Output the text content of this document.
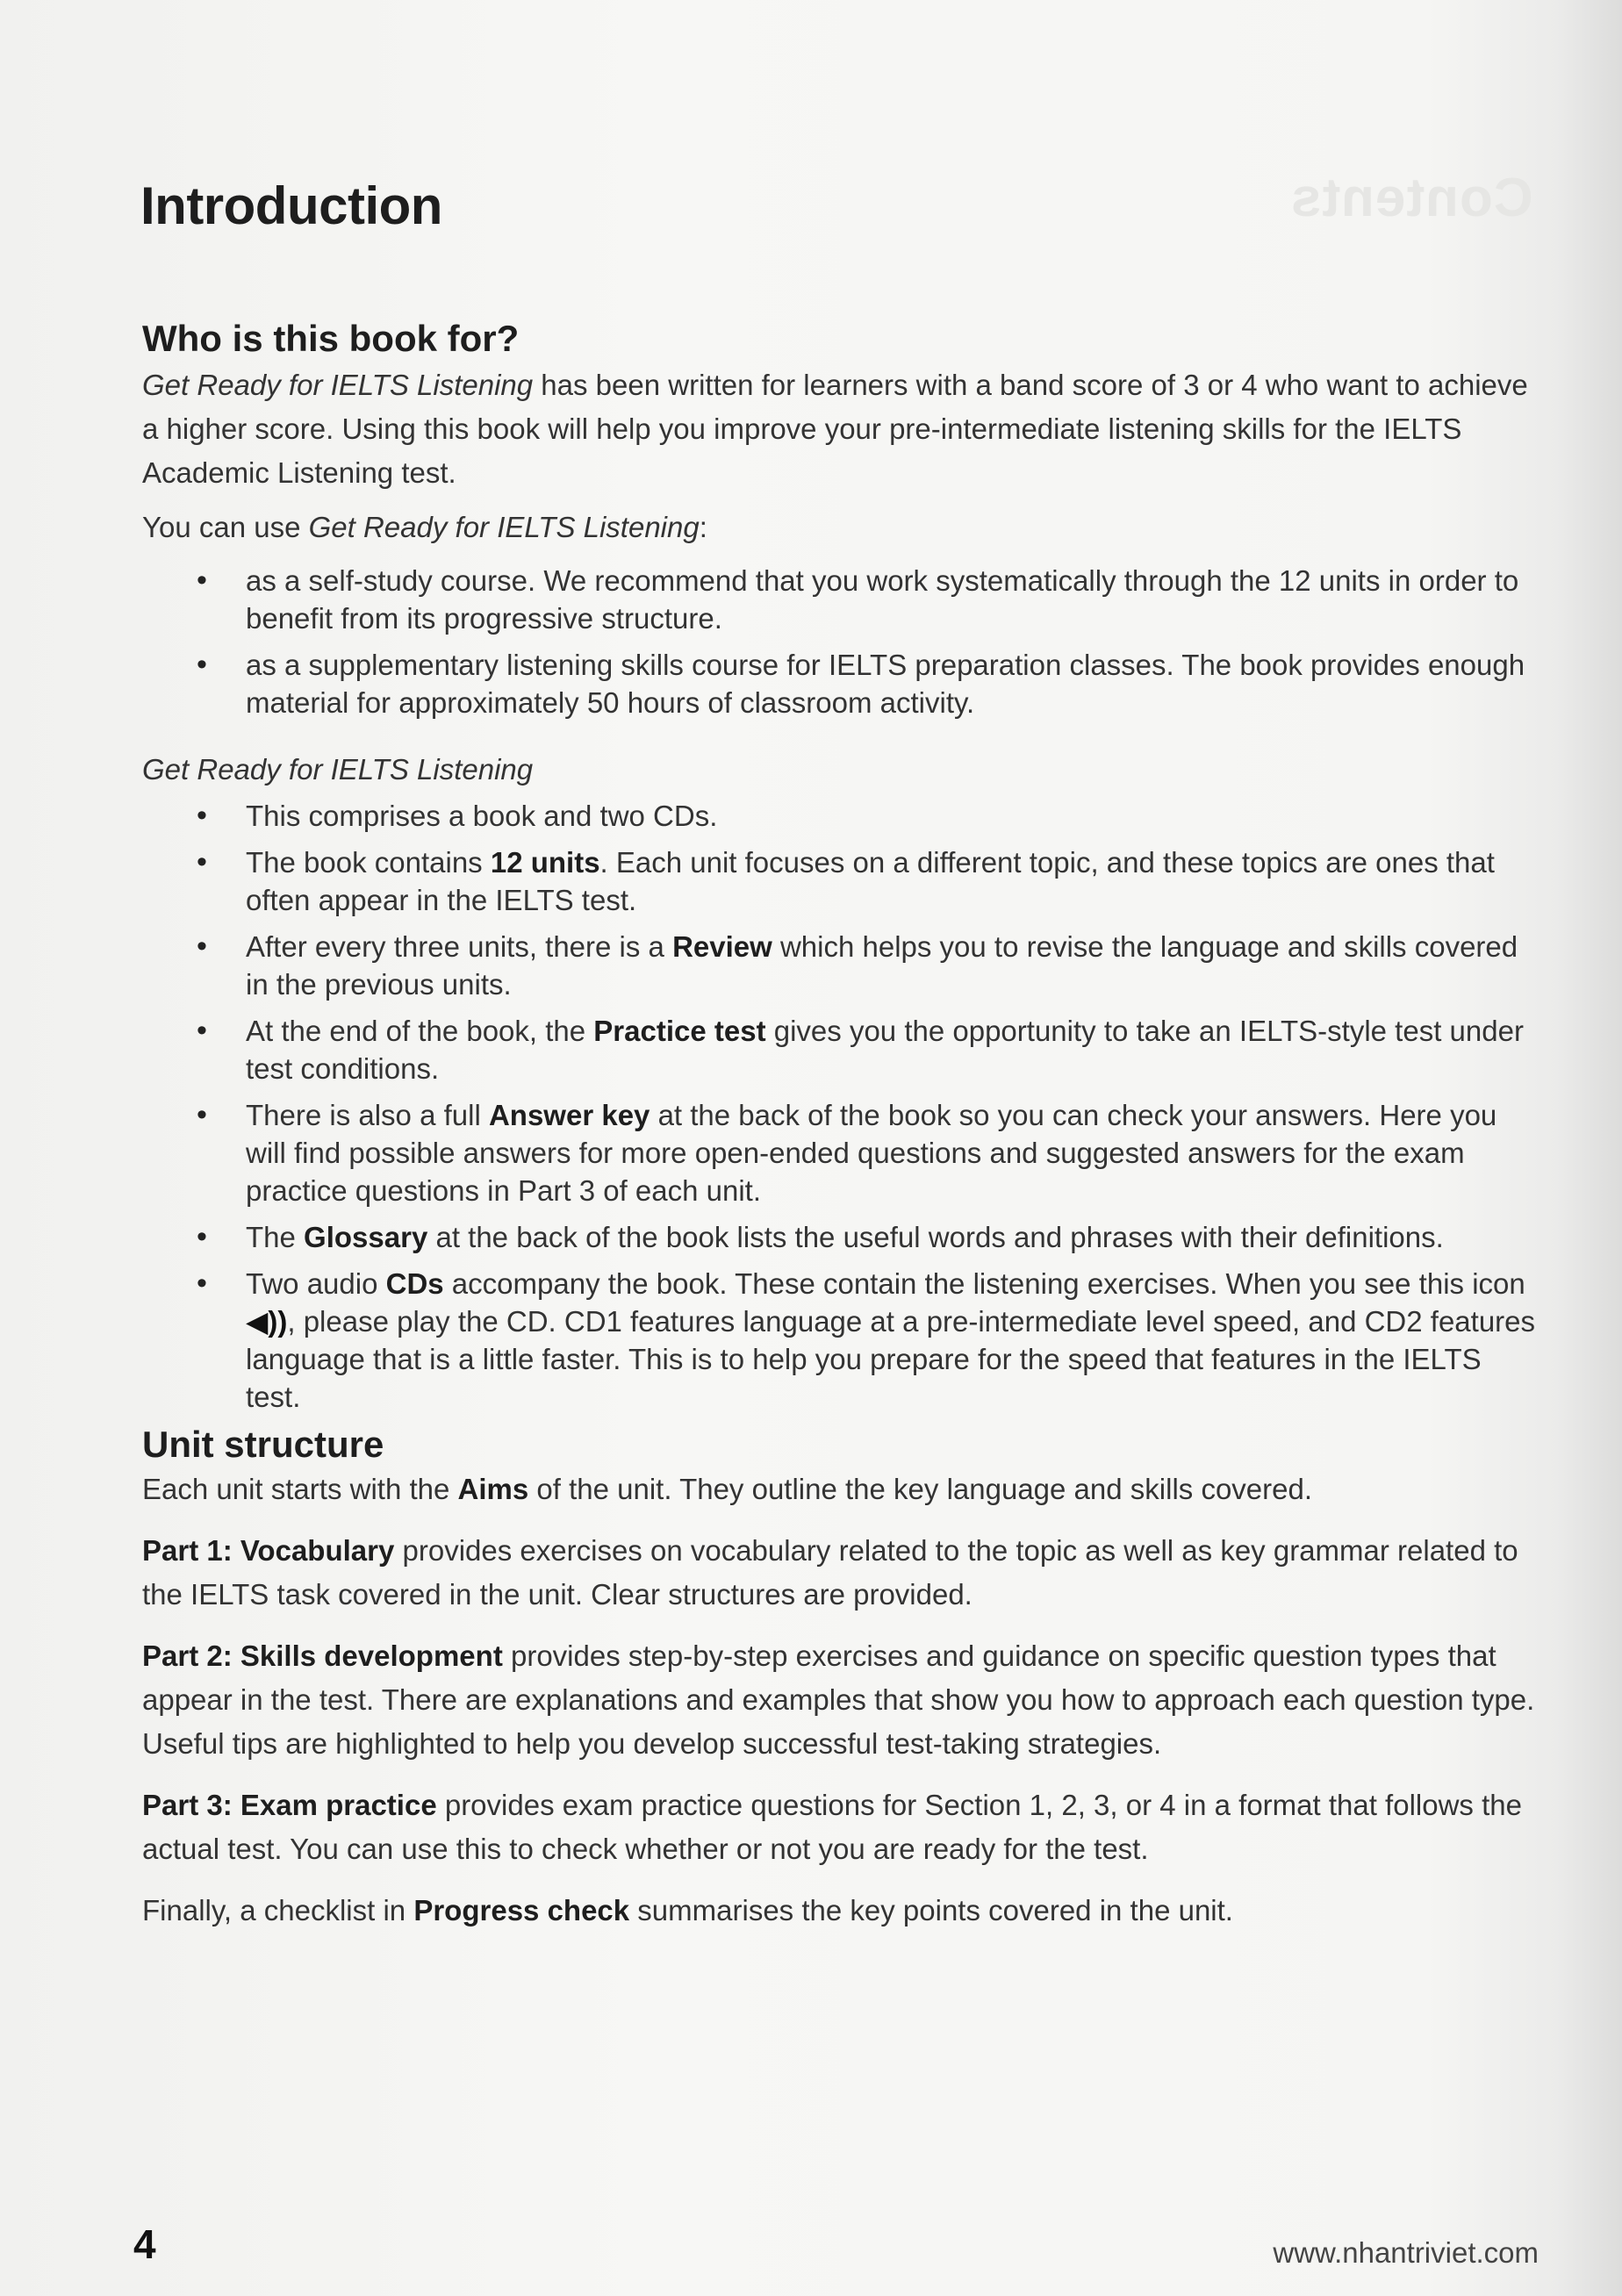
Contents
Introduction
Who is this book for?

Get Ready for IELTS Listening has been written for learners with a band score of 3 or 4 who want to achieve a higher score. Using this book will help you improve your pre-intermediate listening skills for the IELTS Academic Listening test.

You can use Get Ready for IELTS Listening:

• as a self-study course. We recommend that you work systematically through the 12 units in order to benefit from its progressive structure.
• as a supplementary listening skills course for IELTS preparation classes. The book provides enough material for approximately 50 hours of classroom activity.

Get Ready for IELTS Listening

• This comprises a book and two CDs.
• The book contains 12 units. Each unit focuses on a different topic, and these topics are ones that often appear in the IELTS test.
• After every three units, there is a Review which helps you to revise the language and skills covered in the previous units.
• At the end of the book, the Practice test gives you the opportunity to take an IELTS-style test under test conditions.
• There is also a full Answer key at the back of the book so you can check your answers. Here you will find possible answers for more open-ended questions and suggested answers for the exam practice questions in Part 3 of each unit.
• The Glossary at the back of the book lists the useful words and phrases with their definitions.
• Two audio CDs accompany the book. These contain the listening exercises. When you see this icon ◀)), please play the CD. CD1 features language at a pre-intermediate level speed, and CD2 features language that is a little faster. This is to help you prepare for the speed that features in the IELTS test.
Unit structure

Each unit starts with the Aims of the unit. They outline the key language and skills covered.

Part 1: Vocabulary provides exercises on vocabulary related to the topic as well as key grammar related to the IELTS task covered in the unit. Clear structures are provided.

Part 2: Skills development provides step-by-step exercises and guidance on specific question types that appear in the test. There are explanations and examples that show you how to approach each question type. Useful tips are highlighted to help you develop successful test-taking strategies.

Part 3: Exam practice provides exam practice questions for Section 1, 2, 3, or 4 in a format that follows the actual test. You can use this to check whether or not you are ready for the test.

Finally, a checklist in Progress check summarises the key points covered in the unit.

4	www.nhantriviet.com
